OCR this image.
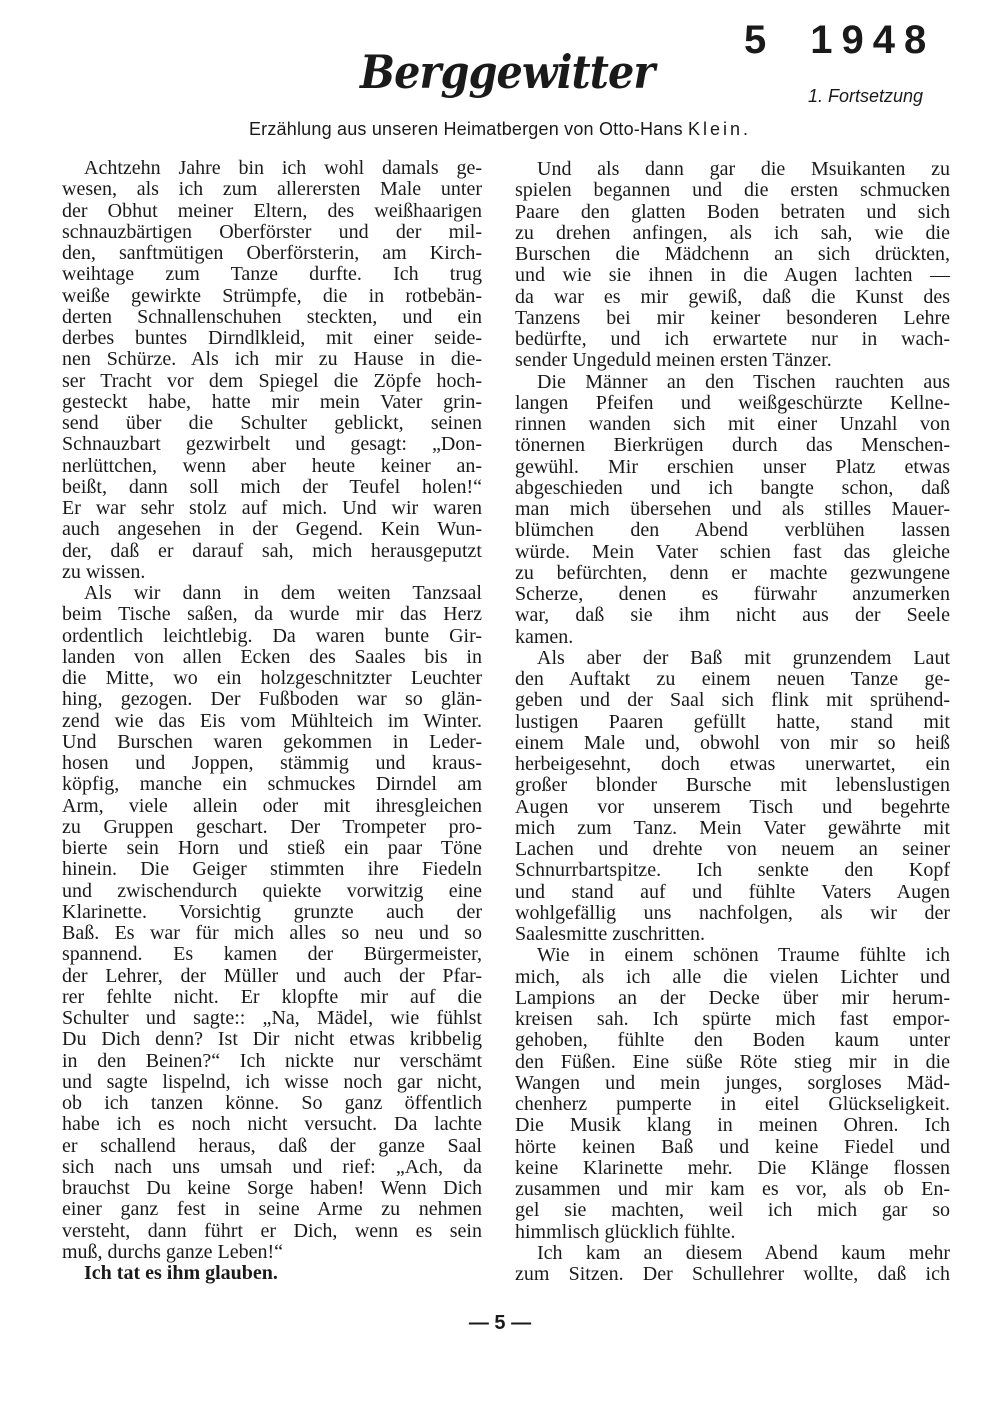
5 1948
Berggewitter	1. Fortsetzung
Erzählung aus unseren Heimatbergen von Otto-Hans Klein.
Achtzehn Jahre bin ich wohl damals ge-
wesen, als ich zum allerersten Male unter
der Obhut meiner Eltern, des weißhaarigen
schnauzbärtigen Oberförster und der mil-
den, sanftmütigen Oberförsterin, am Kirch-
weihtage zum Tanze durfte. Ich trug
weiße gewirkte Strümpfe, die in rotbebän-
derten Schnallenschuhen steckten, und ein
derbes buntes Dirndlkleid, mit einer seide-
nen Schürze. Als ich mir zu Hause in die-
ser Tracht vor dem Spiegel die Zöpfe hoch-
gesteckt habe, hatte mir mein Vater grin-
send über die Schulter geblickt, seinen
Schnauzbart gezwirbelt und gesagt: „Don-
nerlüttchen, wenn aber heute keiner an-
beißt, dann soll mich der Teufel holen!“
Er war sehr stolz auf mich. Und wir waren
auch angesehen in der Gegend. Kein Wun-
der, daß er darauf sah, mich herausgeputzt
zu wissen.
Als wir dann in dem weiten Tanzsaal
beim Tische saßen, da wurde mir das Herz
ordentlich leichtlebig. Da waren bunte Gir-
landen von allen Ecken des Saales bis in
die Mitte, wo ein holzgeschnitzter Leuchter
hing, gezogen. Der Fußboden war so glän-
zend wie das Eis vom Mühlteich im Winter.
Und Burschen waren gekommen in Leder-
hosen und Joppen, stämmig und kraus-
köpfig, manche ein schmuckes Dirndel am
Arm, viele allein oder mit ihresgleichen
zu Gruppen geschart. Der Trompeter pro-
bierte sein Horn und stieß ein paar Töne
hinein. Die Geiger stimmten ihre Fiedeln
und zwischendurch quiekte vorwitzig eine
Klarinette. Vorsichtig grunzte auch der
Baß. Es war für mich alles so neu und so
spannend. Es kamen der Bürgermeister,
der Lehrer, der Müller und auch der Pfar-
rer fehlte nicht. Er klopfte mir auf die
Schulter und sagte:: „Na, Mädel, wie fühlst
Du Dich denn? Ist Dir nicht etwas kribbelig
in den Beinen?“ Ich nickte nur verschämt
und sagte lispelnd, ich wisse noch gar nicht,
ob ich tanzen könne. So ganz öffentlich
habe ich es noch nicht versucht. Da lachte
er schallend heraus, daß der ganze Saal
sich nach uns umsah und rief: „Ach, da
brauchst Du keine Sorge haben! Wenn Dich
einer ganz fest in seine Arme zu nehmen
versteht, dann führt er Dich, wenn es sein
muß, durchs ganze Leben!“
Ich tat es ihm glauben.
Und als dann gar die Msuikanten zu
spielen begannen und die ersten schmucken
Paare den glatten Boden betraten und sich
zu drehen anfingen, als ich sah, wie die
Burschen die Mädchenn an sich drückten,
und wie sie ihnen in die Augen lachten —
da war es mir gewiß, daß die Kunst des
Tanzens bei mir keiner besonderen Lehre
bedürfte, und ich erwartete nur in wach-
sender Ungeduld meinen ersten Tänzer.
Die Männer an den Tischen rauchten aus
langen Pfeifen und weißgeschürzte Kellne-
rinnen wanden sich mit einer Unzahl von
tönernen Bierkrügen durch das Menschen-
gewühl. Mir erschien unser Platz etwas
abgeschieden und ich bangte schon, daß
man mich übersehen und als stilles Mauer-
blümchen den Abend verblühen lassen
würde. Mein Vater schien fast das gleiche
zu befürchten, denn er machte gezwungene
Scherze, denen es fürwahr anzumerken
war, daß sie ihm nicht aus der Seele
kamen.
Als aber der Baß mit grunzendem Laut
den Auftakt zu einem neuen Tanze ge-
geben und der Saal sich flink mit sprühend-
lustigen Paaren gefüllt hatte, stand mit
einem Male und, obwohl von mir so heiß
herbeigesehnt, doch etwas unerwartet, ein
großer blonder Bursche mit lebenslustigen
Augen vor unserem Tisch und begehrte
mich zum Tanz. Mein Vater gewährte mit
Lachen und drehte von neuem an seiner
Schnurrbartspitze. Ich senkte den Kopf
und stand auf und fühlte Vaters Augen
wohlgefällig uns nachfolgen, als wir der
Saalesmitte zuschritten.
Wie in einem schönen Traume fühlte ich
mich, als ich alle die vielen Lichter und
Lampions an der Decke über mir herum-
kreisen sah. Ich spürte mich fast empor-
gehoben, fühlte den Boden kaum unter
den Füßen. Eine süße Röte stieg mir in die
Wangen und mein junges, sorgloses Mäd-
chenherz pumperte in eitel Glückseligkeit.
Die Musik klang in meinen Ohren. Ich
hörte keinen Baß und keine Fiedel und
keine Klarinette mehr. Die Klänge flossen
zusammen und mir kam es vor, als ob En-
gel sie machten, weil ich mich gar so
himmlisch glücklich fühlte.
Ich kam an diesem Abend kaum mehr
zum Sitzen. Der Schullehrer wollte, daß ich
— 5 —
